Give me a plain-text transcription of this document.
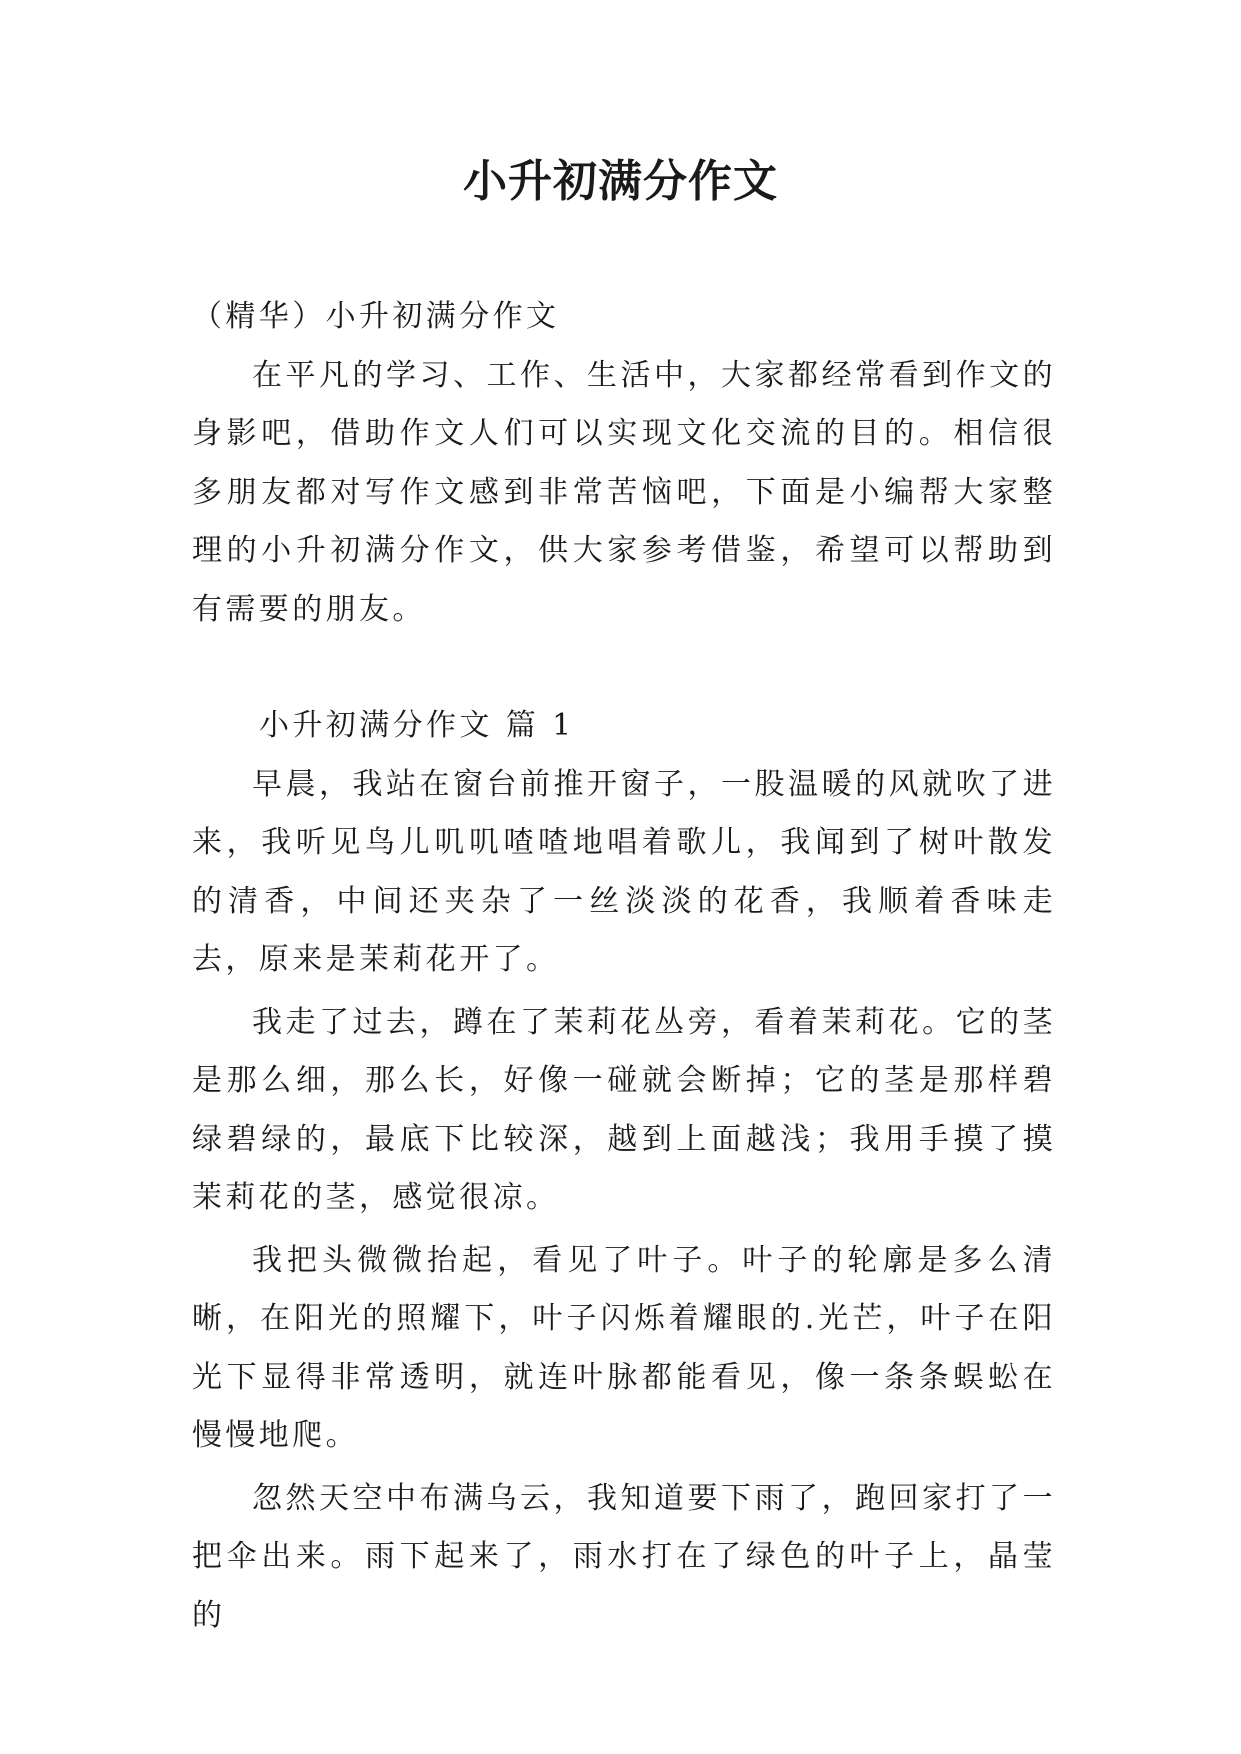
小升初满分作文
（精华）小升初满分作文

在平凡的学习、工作、生活中，大家都经常看到作文的身影吧，借助作文人们可以实现文化交流的目的。相信很多朋友都对写作文感到非常苦恼吧，下面是小编帮大家整理的小升初满分作文，供大家参考借鉴，希望可以帮助到有需要的朋友。

小升初满分作文 篇 1

早晨，我站在窗台前推开窗子，一股温暖的风就吹了进来，我听见鸟儿叽叽喳喳地唱着歌儿，我闻到了树叶散发的清香，中间还夹杂了一丝淡淡的花香，我顺着香味走去，原来是茉莉花开了。

我走了过去，蹲在了茉莉花丛旁，看着茉莉花。它的茎是那么细，那么长，好像一碰就会断掉；它的茎是那样碧绿碧绿的，最底下比较深，越到上面越浅；我用手摸了摸茉莉花的茎，感觉很凉。

我把头微微抬起，看见了叶子。叶子的轮廓是多么清晰，在阳光的照耀下，叶子闪烁着耀眼的.光芒，叶子在阳光下显得非常透明，就连叶脉都能看见，像一条条蜈蚣在慢慢地爬。

忽然天空中布满乌云，我知道要下雨了，跑回家打了一把伞出来。雨下起来了，雨水打在了绿色的叶子上，晶莹的
